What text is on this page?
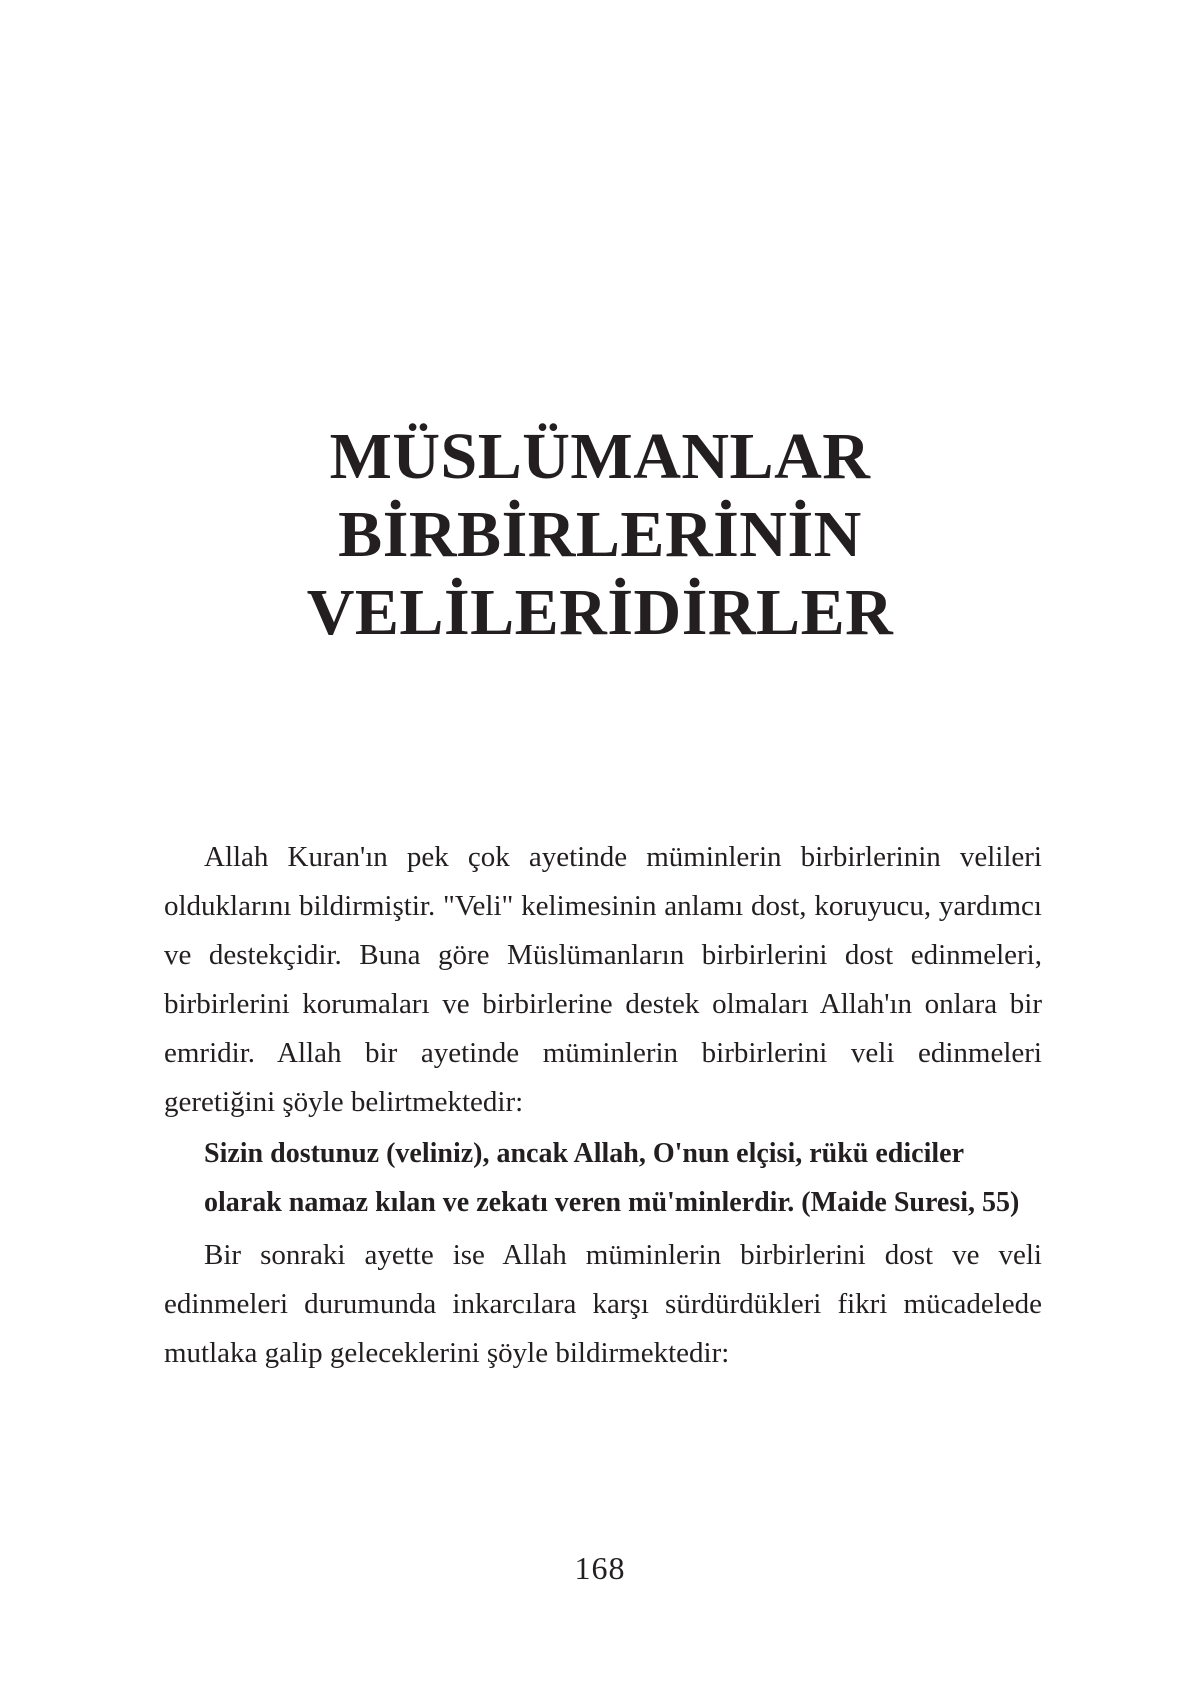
MÜSLÜMANLAR
BİRBİRLERİNİN
VELİLERİDİRLER

Allah Kuran'ın pek çok ayetinde müminlerin birbirlerinin velileri olduklarını bildirmiştir. "Veli" kelimesinin anlamı dost, koruyucu, yardımcı ve destekçidir. Buna göre Müslümanların birbirlerini dost edinmeleri, birbirlerini korumaları ve birbirlerine destek olmaları Allah'ın onlara bir emridir. Allah bir ayetinde müminlerin birbirlerini veli edinmeleri geretiğini şöyle belirtmektedir:

Sizin dostunuz (veliniz), ancak Allah, O'nun elçisi, rükü ediciler olarak namaz kılan ve zekatı veren mü'minlerdir. (Maide Suresi, 55)

Bir sonraki ayette ise Allah müminlerin birbirlerini dost ve veli edinmeleri durumunda inkarcılara karşı sürdürdükleri fikri mücadelede mutlaka galip geleceklerini şöyle bildirmektedir:

168
